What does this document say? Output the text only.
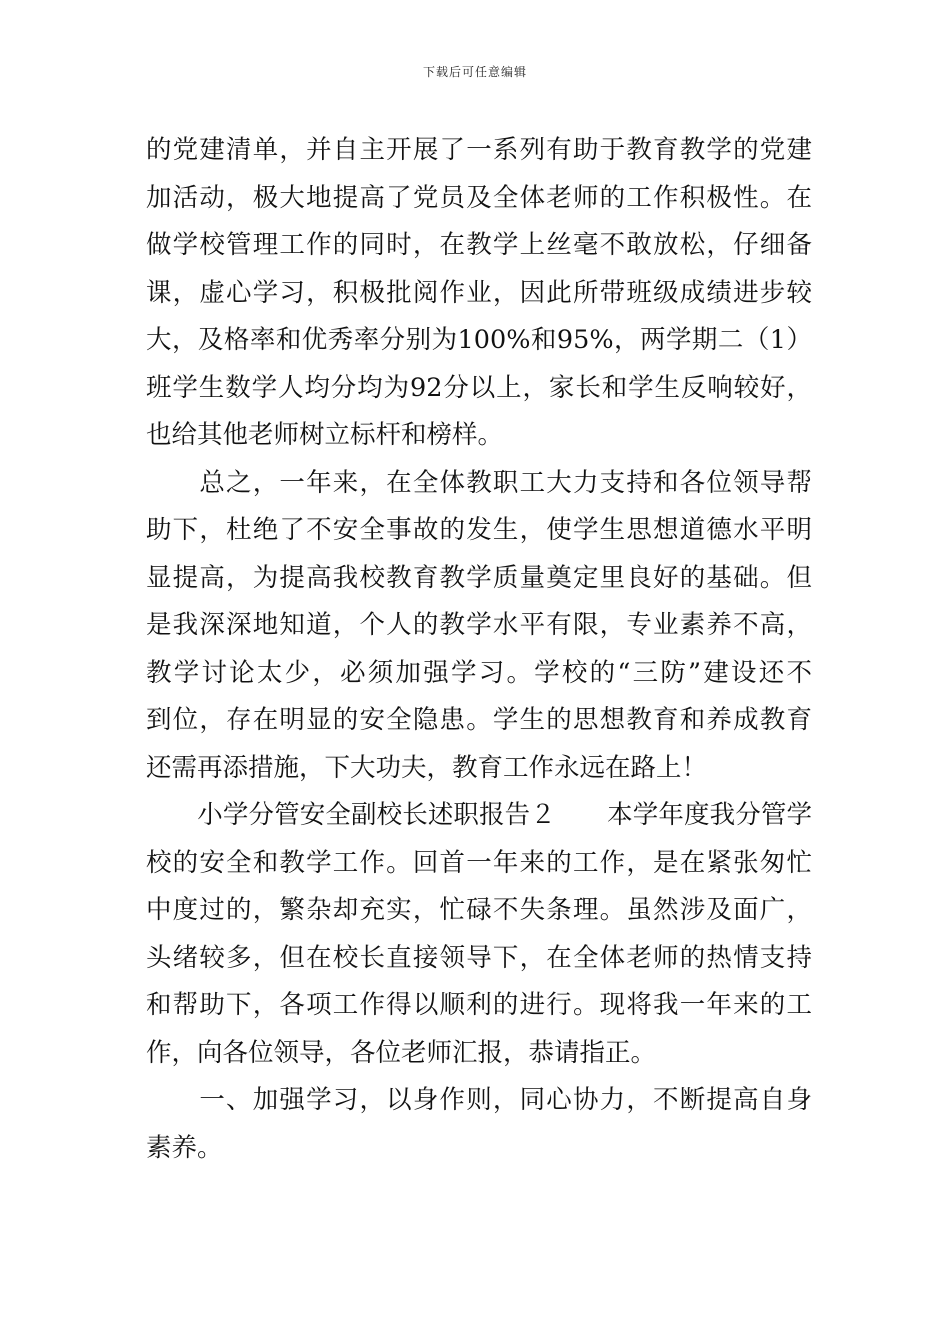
下载后可任意编辑
的党建清单，并自主开展了一系列有助于教育教学的党建
加活动，极大地提高了党员及全体老师的工作积极性。在
做学校管理工作的同时，在教学上丝毫不敢放松，仔细备
课，虚心学习，积极批阅作业，因此所带班级成绩进步较
大，及格率和优秀率分别为100%和95%，两学期二（1）
班学生数学人均分均为92分以上，家长和学生反响较好，
也给其他老师树立标杆和榜样。
　　总之，一年来，在全体教职工大力支持和各位领导帮
助下，杜绝了不安全事故的发生，使学生思想道德水平明
显提高，为提高我校教育教学质量奠定里良好的基础。但
是我深深地知道，个人的教学水平有限，专业素养不高，
教学讨论太少，必须加强学习。学校的“三防”建设还不
到位，存在明显的安全隐患。学生的思想教育和养成教育
还需再添措施，下大功夫，教育工作永远在路上！
　　小学分管安全副校长述职报告２　　本学年度我分管学
校的安全和教学工作。回首一年来的工作，是在紧张匆忙
中度过的，繁杂却充实，忙碌不失条理。虽然涉及面广，
头绪较多，但在校长直接领导下，在全体老师的热情支持
和帮助下，各项工作得以顺利的进行。现将我一年来的工
作，向各位领导，各位老师汇报，恭请指正。
　　一、加强学习，以身作则，同心协力，不断提高自身
素养。
